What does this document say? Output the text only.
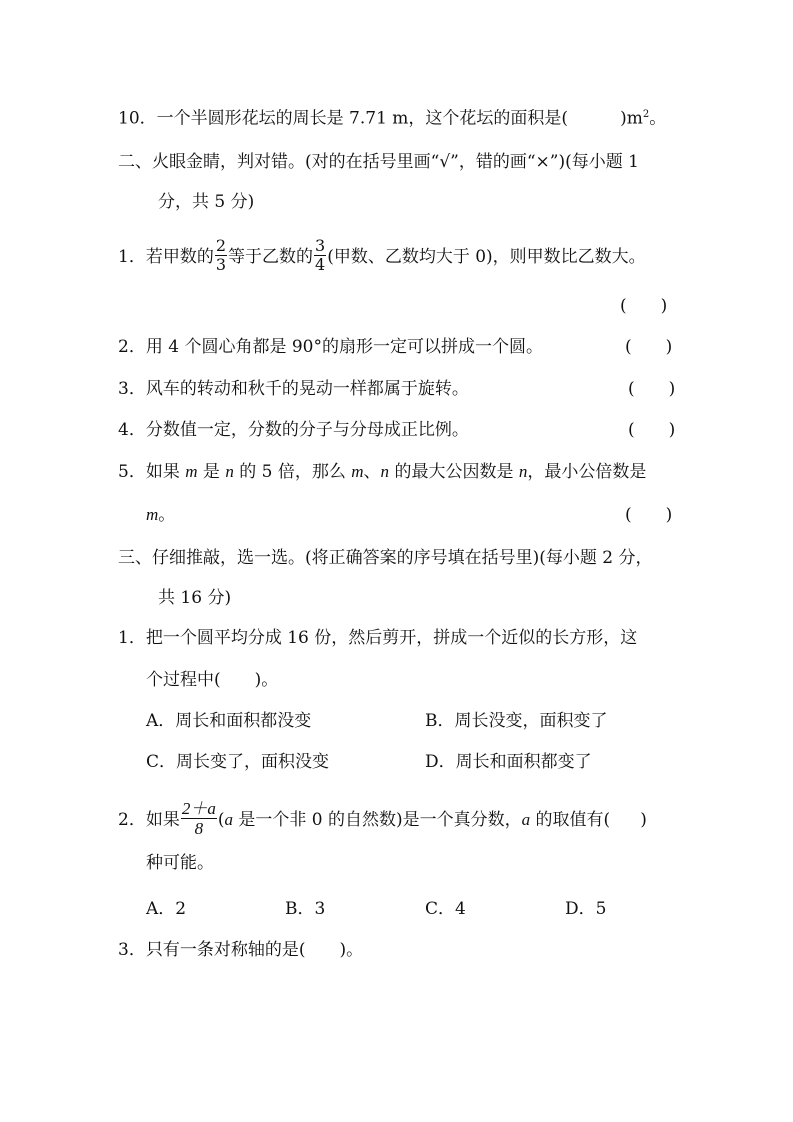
10．一个半圆形花坛的周长是 7.71 m，这个花坛的面积是(	)$m^2$。
二、火眼金睛，判对错。(对的在括号里画“√”，错的画“×”)(每小题 1
分，共 5 分)
1．若甲数的 $\frac{2}{3}$ 等于乙数的 $\frac{3}{4}$ (甲数、乙数均大于 0)，则甲数比乙数大。
(　　)
2．用 4 个圆心角都是 90°的扇形一定可以拼成一个圆。	(　　)
3．风车的转动和秋千的晃动一样都属于旋转。	(　　)
4．分数值一定，分数的分子与分母成正比例。	(　　)
5．如果 m 是 n 的 5 倍，那么 m、n 的最大公因数是 n，最小公倍数是
m。	(　　)
三、仔细推敲，选一选。(将正确答案的序号填在括号里)(每小题 2 分，
共 16 分)
1．把一个圆平均分成 16 份，然后剪开，拼成一个近似的长方形，这
个过程中(　　)。
A．周长和面积都没变	B．周长没变，面积变了
C．周长变了，面积没变	D．周长和面积都变了
2．如果 $\frac{2+a}{8} (a$ 是一个非 0 的自然数)是一个真分数，a 的取值有( )
种可能。
A．2	B．3	C．4	D．5
3．只有一条对称轴的是(　　)。
